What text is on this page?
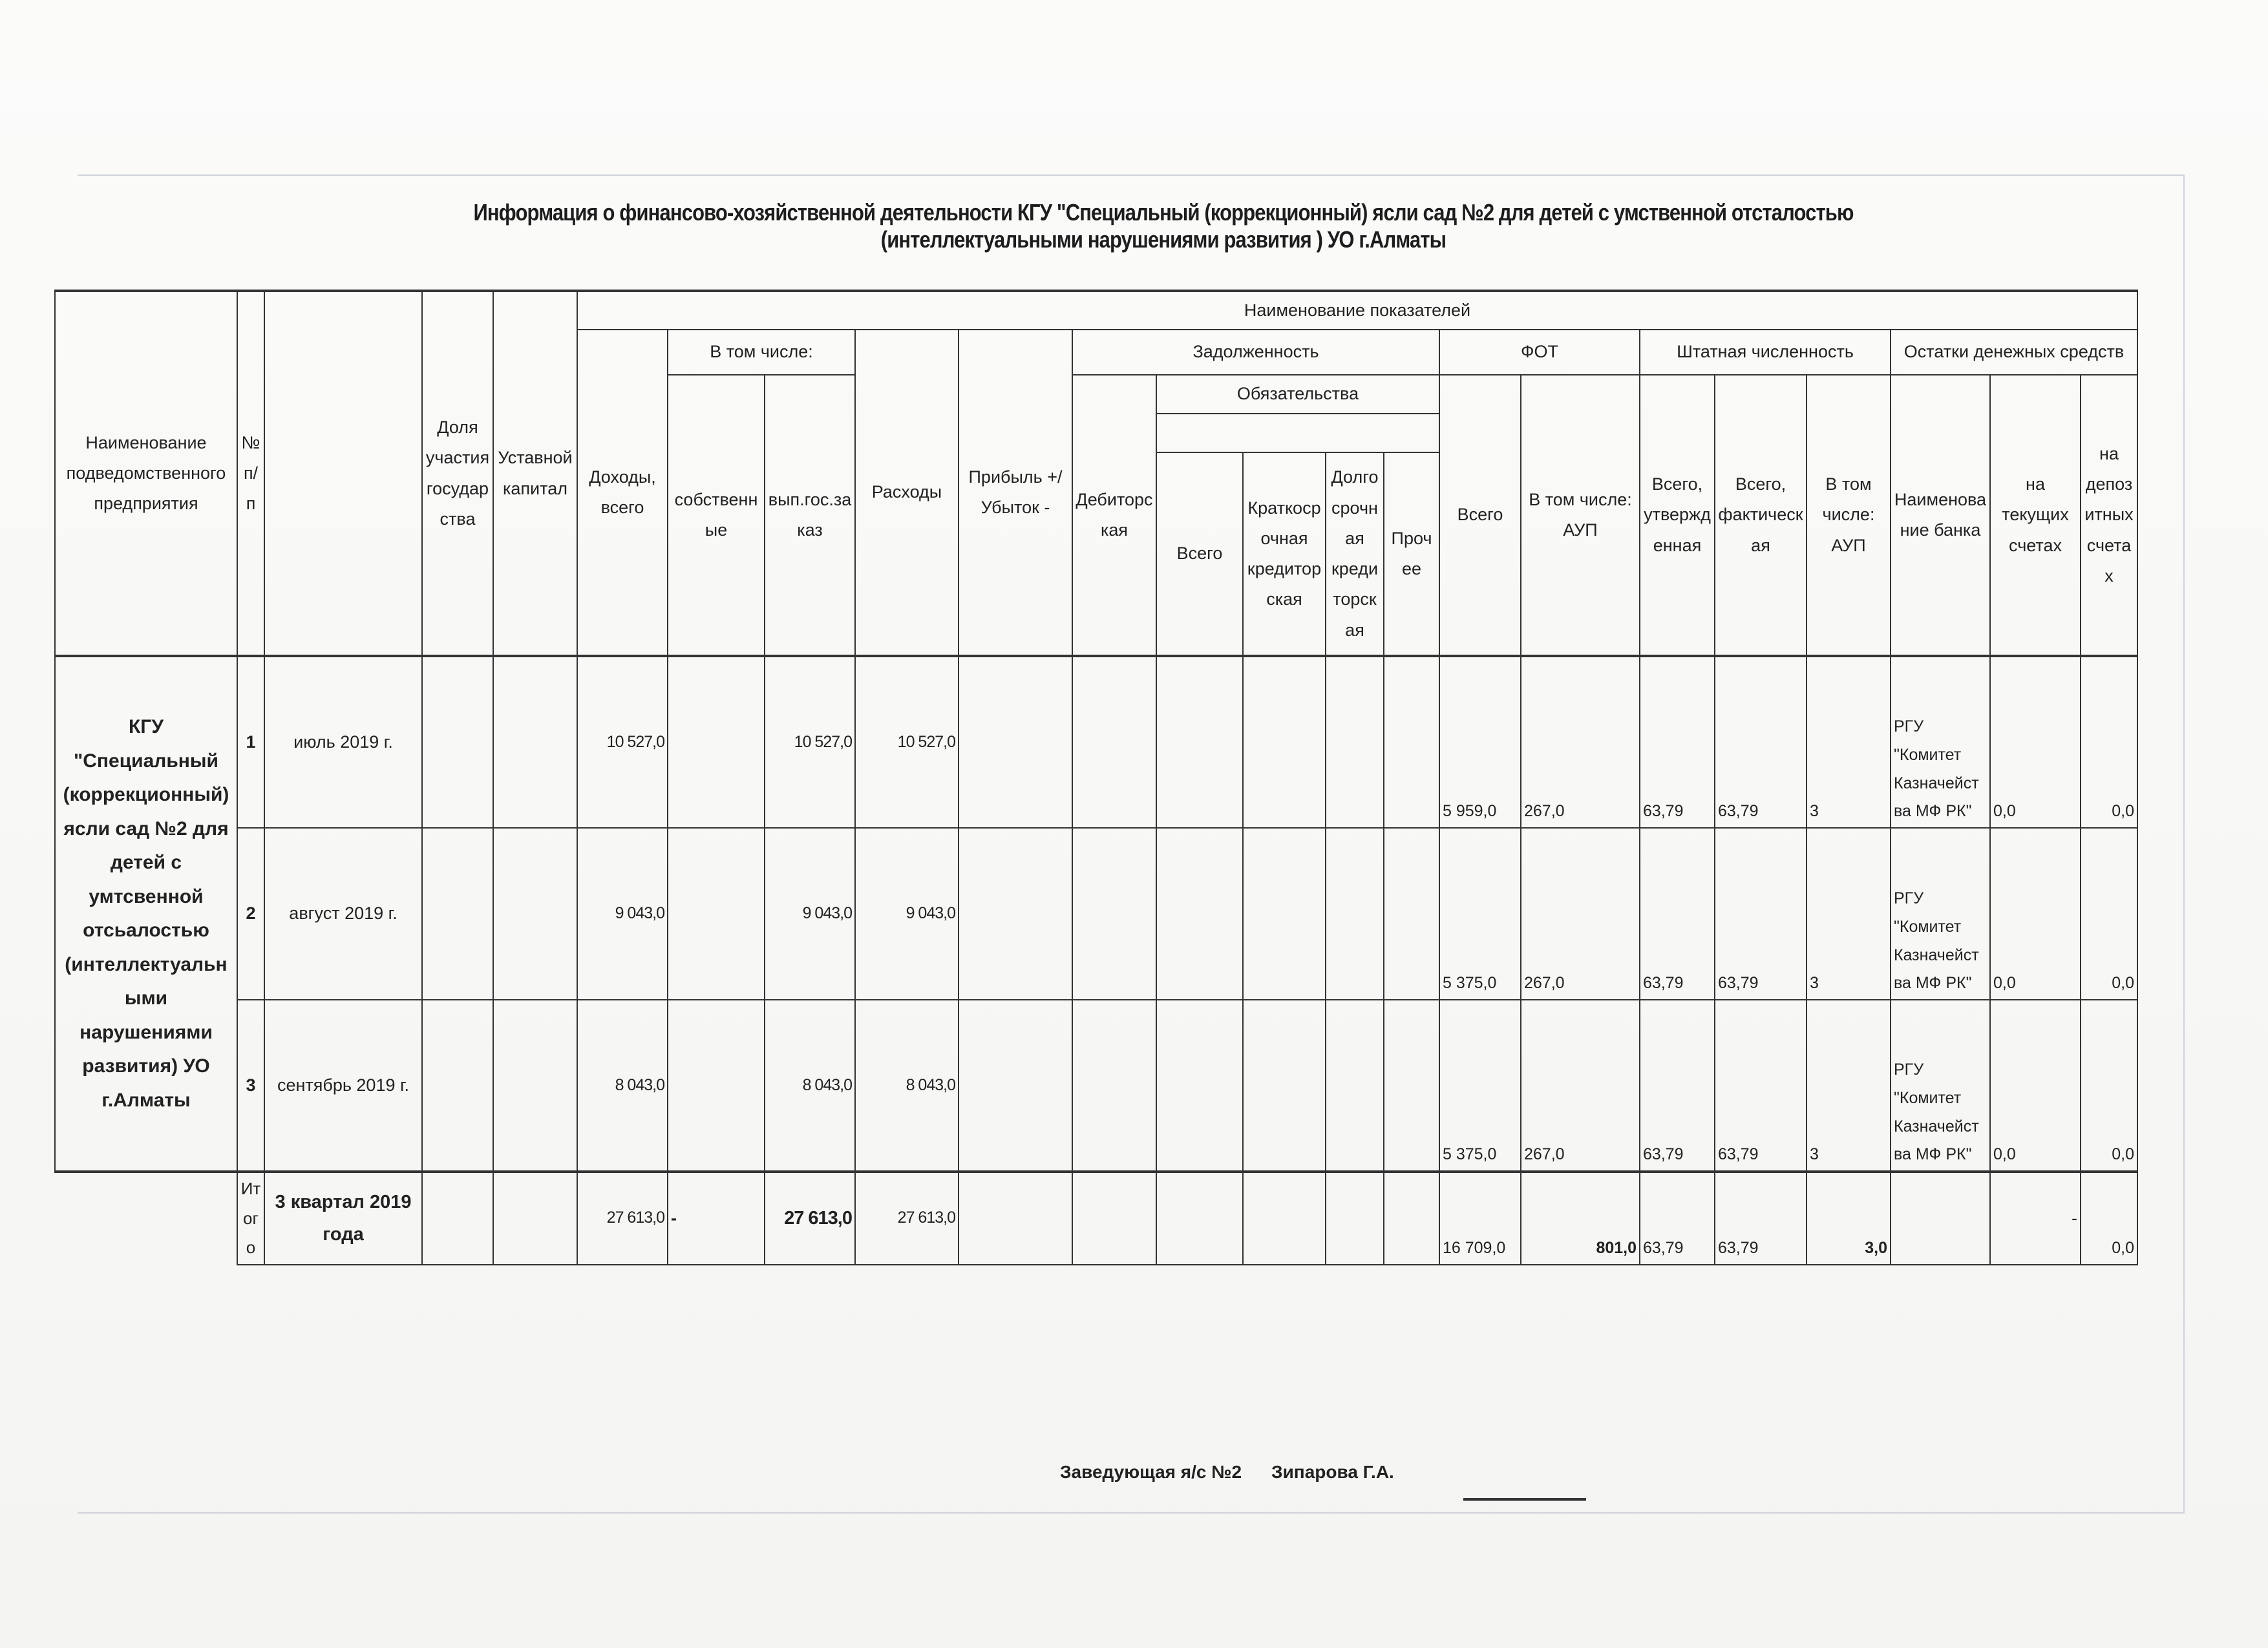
Информация о финансово-хозяйственной деятельности КГУ "Специальный (коррекционный) ясли сад №2 для детей с умственной отсталостью (интеллектуальными нарушениями развития ) УО г.Алматы
Наименование подведомственного предприятия	№ п/п		Доля участия государства	Уставной капитал	Наименование показателей																	
					Доходы, всего	В том числе:		Расходы	Прибыль +/ Убыток -	Задолженность					ФОТ		Штатная численность			Остатки денежных средств		
						собственные	вып.гос.заказ			Дебиторская	Обязательства				Всего	В том числе: АУП	Всего, утвержденная	Всего, фактическая	В том числе: АУП	Наименование банка	на текущих счетах	на депозитных счетах

											Всего	Краткосрочная кредиторская	Долгосрочная кредиторская	Прочее								
КГУ "Специальный (коррекционный) ясли сад №2 для детей с умтсвенной отсьалостью (интеллектуальными нарушениями развития) УО г.Алматы	1	июль 2019 г.			10 527,0		10 527,0	10 527,0							5 959,0	267,0	63,79	63,79	3	РГУ "Комитет Казначейства МФ РК"	0,0	0,0
	2	август 2019 г.			9 043,0		9 043,0	9 043,0							5 375,0	267,0	63,79	63,79	3	РГУ "Комитет Казначейства МФ РК"	0,0	0,0
	3	сентябрь 2019 г.			8 043,0		8 043,0	8 043,0							5 375,0	267,0	63,79	63,79	3	РГУ "Комитет Казначейства МФ РК"	0,0	0,0
	Итого	3 квартал 2019 года			27 613,0	-	27 613,0	27 613,0							16 709,0	801,0	63,79	63,79	3,0		-	0,0
Заведующая я/с №2 Зипарова Г.А.
